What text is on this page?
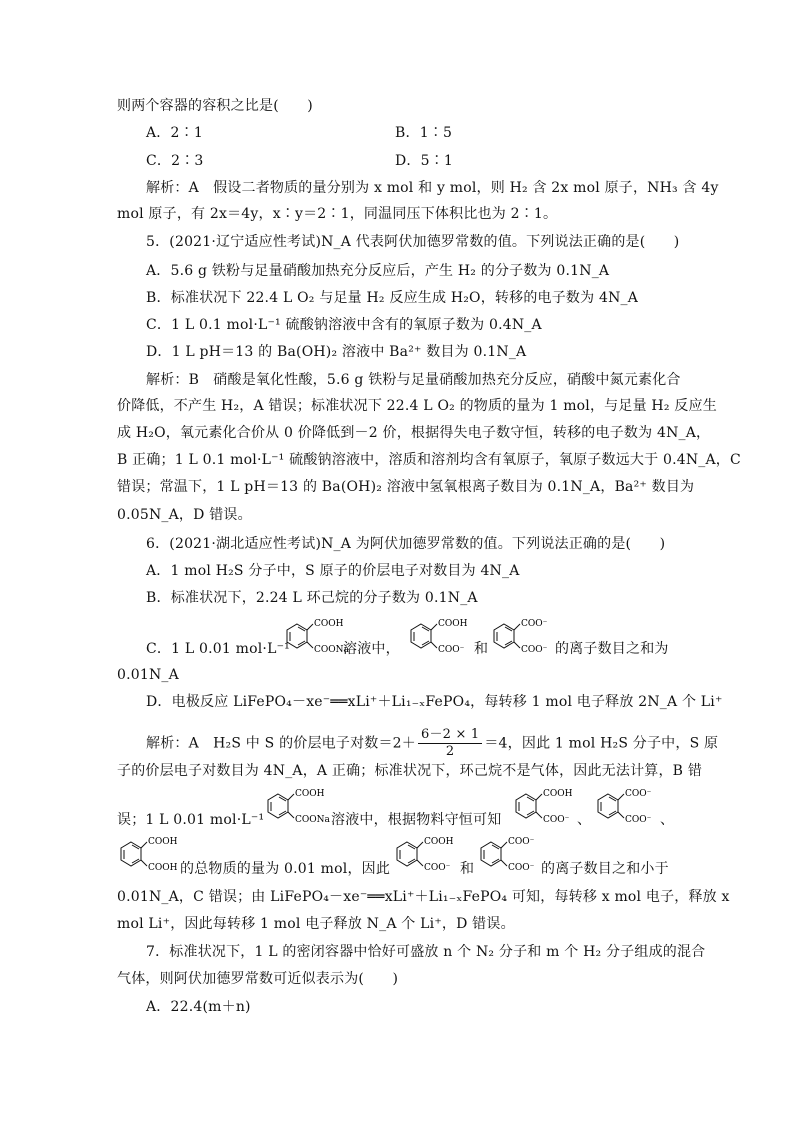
则两个容器的容积之比是(　　)
A．2∶1	B．1∶5
C．2∶3	D．5∶1
解析：A　假设二者物质的量分别为 x mol 和 y mol，则 H₂ 含 2x mol 原子，NH₃ 含 4y
mol 原子，有 2x＝4y，x∶y＝2∶1，同温同压下体积比也为 2∶1。
5．(2021·辽宁适应性考试)N_A 代表阿伏加德罗常数的值。下列说法正确的是(　　)
A．5.6 g 铁粉与足量硝酸加热充分反应后，产生 H₂ 的分子数为 0.1N_A
B．标准状况下 22.4 L O₂ 与足量 H₂ 反应生成 H₂O，转移的电子数为 4N_A
C．1 L 0.1 mol·L⁻¹ 硫酸钠溶液中含有的氧原子数为 0.4N_A
D．1 L pH＝13 的 Ba(OH)₂ 溶液中 Ba²⁺ 数目为 0.1N_A
解析：B　硝酸是氧化性酸，5.6 g 铁粉与足量硝酸加热充分反应，硝酸中氮元素化合
价降低，不产生 H₂，A 错误；标准状况下 22.4 L O₂ 的物质的量为 1 mol，与足量 H₂ 反应生
成 H₂O，氧元素化合价从 0 价降低到－2 价，根据得失电子数守恒，转移的电子数为 4N_A，
B 正确；1 L 0.1 mol·L⁻¹ 硫酸钠溶液中，溶质和溶剂均含有氧原子，氧原子数远大于 0.4N_A，C
错误；常温下，1 L pH＝13 的 Ba(OH)₂ 溶液中氢氧根离子数目为 0.1N_A，Ba²⁺ 数目为
0.05N_A，D 错误。
6．(2021·湖北适应性考试)N_A 为阿伏加德罗常数的值。下列说法正确的是(　　)
A．1 mol H₂S 分子中，S 原子的价层电子对数目为 4N_A
B．标准状况下，2.24 L 环己烷的分子数为 0.1N_A
C．1 L 0.01 mol·L⁻¹
COOH
COONa
溶液中，
COOH
COO⁻ 和
COO⁻
COO⁻ 的离子数目之和为
0.01N_A
D．电极反应 LiFePO₄－xe⁻══xLi⁺＋Li₁₋ₓFePO₄，每转移 1 mol 电子释放 2N_A 个 Li⁺
解析：A　H₂S 中 S 的价层电子对数$=2+ \frac{6-2 \times 1}{2} =4$，因此 1 mol H₂S 分子中，S 原
子的价层电子对数目为 4N_A，A 正确；标准状况下，环己烷不是气体，因此无法计算，B 错
误；1 L 0.01 mol·L⁻¹
COOH
COONa 溶液中，根据物料守恒可知
COOH
COO⁻ 、
COO⁻
COO⁻ 、
COOH
COOH 的总物质的量为 0.01 mol，因此
COOH
COO⁻ 和
COO⁻
COO⁻ 的离子数目之和小于
0.01N_A，C 错误；由 LiFePO₄－xe⁻══xLi⁺＋Li₁₋ₓFePO₄ 可知，每转移 x mol 电子，释放 x
mol Li⁺，因此每转移 1 mol 电子释放 N_A 个 Li⁺，D 错误。
7．标准状况下，1 L 的密闭容器中恰好可盛放 n 个 N₂ 分子和 m 个 H₂ 分子组成的混合
气体，则阿伏加德罗常数可近似表示为(　　)
A．22.4(m＋n)
